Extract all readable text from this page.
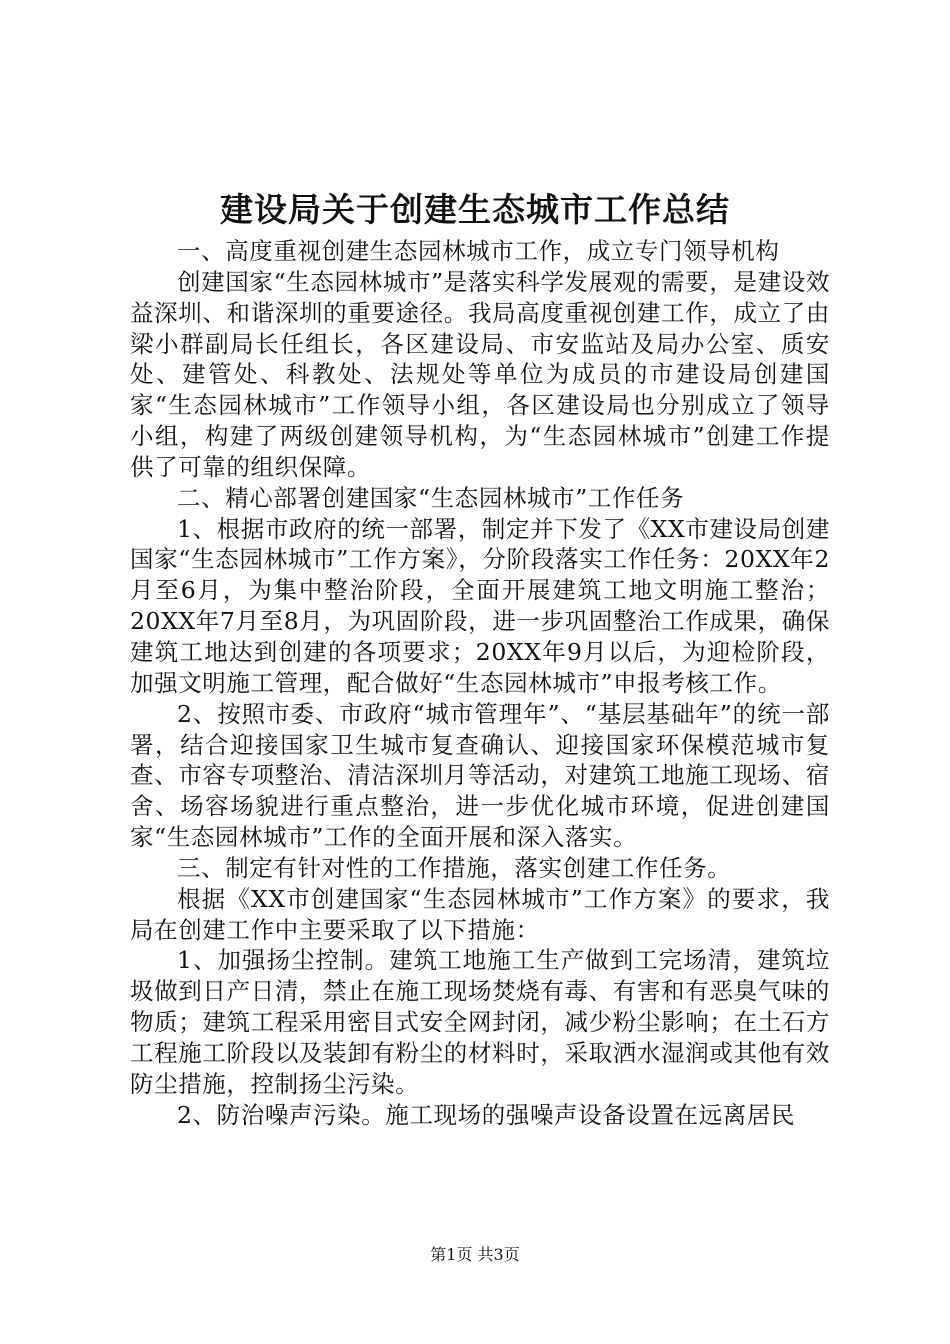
建设局关于创建生态城市工作总结

一、高度重视创建生态园林城市工作，成立专门领导机构

创建国家“生态园林城市”是落实科学发展观的需要，是建设效益深圳、和谐深圳的重要途径。我局高度重视创建工作，成立了由梁小群副局长任组长，各区建设局、市安监站及局办公室、质安处、建管处、科教处、法规处等单位为成员的市建设局创建国家“生态园林城市”工作领导小组，各区建设局也分别成立了领导小组，构建了两级创建领导机构，为“生态园林城市”创建工作提供了可靠的组织保障。

二、精心部署创建国家“生态园林城市”工作任务

1、根据市政府的统一部署，制定并下发了《XX市建设局创建国家“生态园林城市”工作方案》，分阶段落实工作任务：20XX年2月至6月，为集中整治阶段，全面开展建筑工地文明施工整治；20XX年7月至8月，为巩固阶段，进一步巩固整治工作成果，确保建筑工地达到创建的各项要求；20XX年9月以后，为迎检阶段，加强文明施工管理，配合做好“生态园林城市”申报考核工作。

2、按照市委、市政府“城市管理年”、“基层基础年”的统一部署，结合迎接国家卫生城市复查确认、迎接国家环保模范城市复查、市容专项整治、清洁深圳月等活动，对建筑工地施工现场、宿舍、场容场貌进行重点整治，进一步优化城市环境，促进创建国家“生态园林城市”工作的全面开展和深入落实。

三、制定有针对性的工作措施，落实创建工作任务。

根据《XX市创建国家“生态园林城市”工作方案》的要求，我局在创建工作中主要采取了以下措施：

1、加强扬尘控制。建筑工地施工生产做到工完场清，建筑垃圾做到日产日清，禁止在施工现场焚烧有毒、有害和有恶臭气味的物质；建筑工程采用密目式安全网封闭，减少粉尘影响；在土石方工程施工阶段以及装卸有粉尘的材料时，采取洒水湿润或其他有效防尘措施，控制扬尘污染。

2、防治噪声污染。施工现场的强噪声设备设置在远离居民

第1页 共3页
